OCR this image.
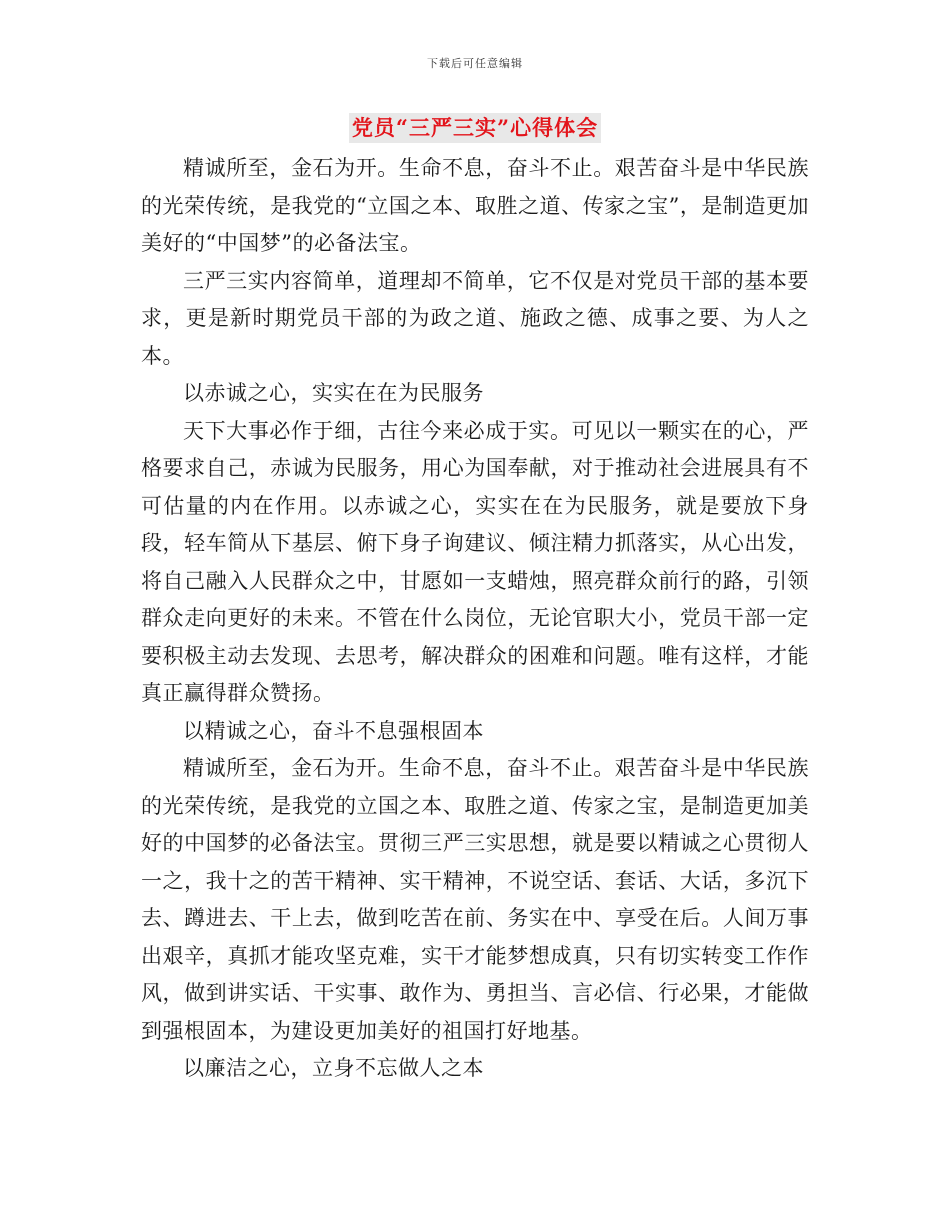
下载后可任意编辑
党员“三严三实”心得体会

精诚所至，金石为开。生命不息，奋斗不止。艰苦奋斗是中华民族的光荣传统，是我党的“立国之本、取胜之道、传家之宝”，是制造更加美好的“中国梦”的必备法宝。

三严三实内容简单，道理却不简单，它不仅是对党员干部的基本要求，更是新时期党员干部的为政之道、施政之德、成事之要、为人之本。

以赤诚之心，实实在在为民服务

天下大事必作于细，古往今来必成于实。可见以一颗实在的心，严格要求自己，赤诚为民服务，用心为国奉献，对于推动社会进展具有不可估量的内在作用。以赤诚之心，实实在在为民服务，就是要放下身段，轻车简从下基层、俯下身子询建议、倾注精力抓落实，从心出发，将自己融入人民群众之中，甘愿如一支蜡烛，照亮群众前行的路，引领群众走向更好的未来。不管在什么岗位，无论官职大小，党员干部一定要积极主动去发现、去思考，解决群众的困难和问题。唯有这样，才能真正赢得群众赞扬。

以精诚之心，奋斗不息强根固本

精诚所至，金石为开。生命不息，奋斗不止。艰苦奋斗是中华民族的光荣传统，是我党的立国之本、取胜之道、传家之宝，是制造更加美好的中国梦的必备法宝。贯彻三严三实思想，就是要以精诚之心贯彻人一之，我十之的苦干精神、实干精神，不说空话、套话、大话，多沉下去、蹲进去、干上去，做到吃苦在前、务实在中、享受在后。人间万事出艰辛，真抓才能攻坚克难，实干才能梦想成真，只有切实转变工作作风，做到讲实话、干实事、敢作为、勇担当、言必信、行必果，才能做到强根固本，为建设更加美好的祖国打好地基。

以廉洁之心，立身不忘做人之本
